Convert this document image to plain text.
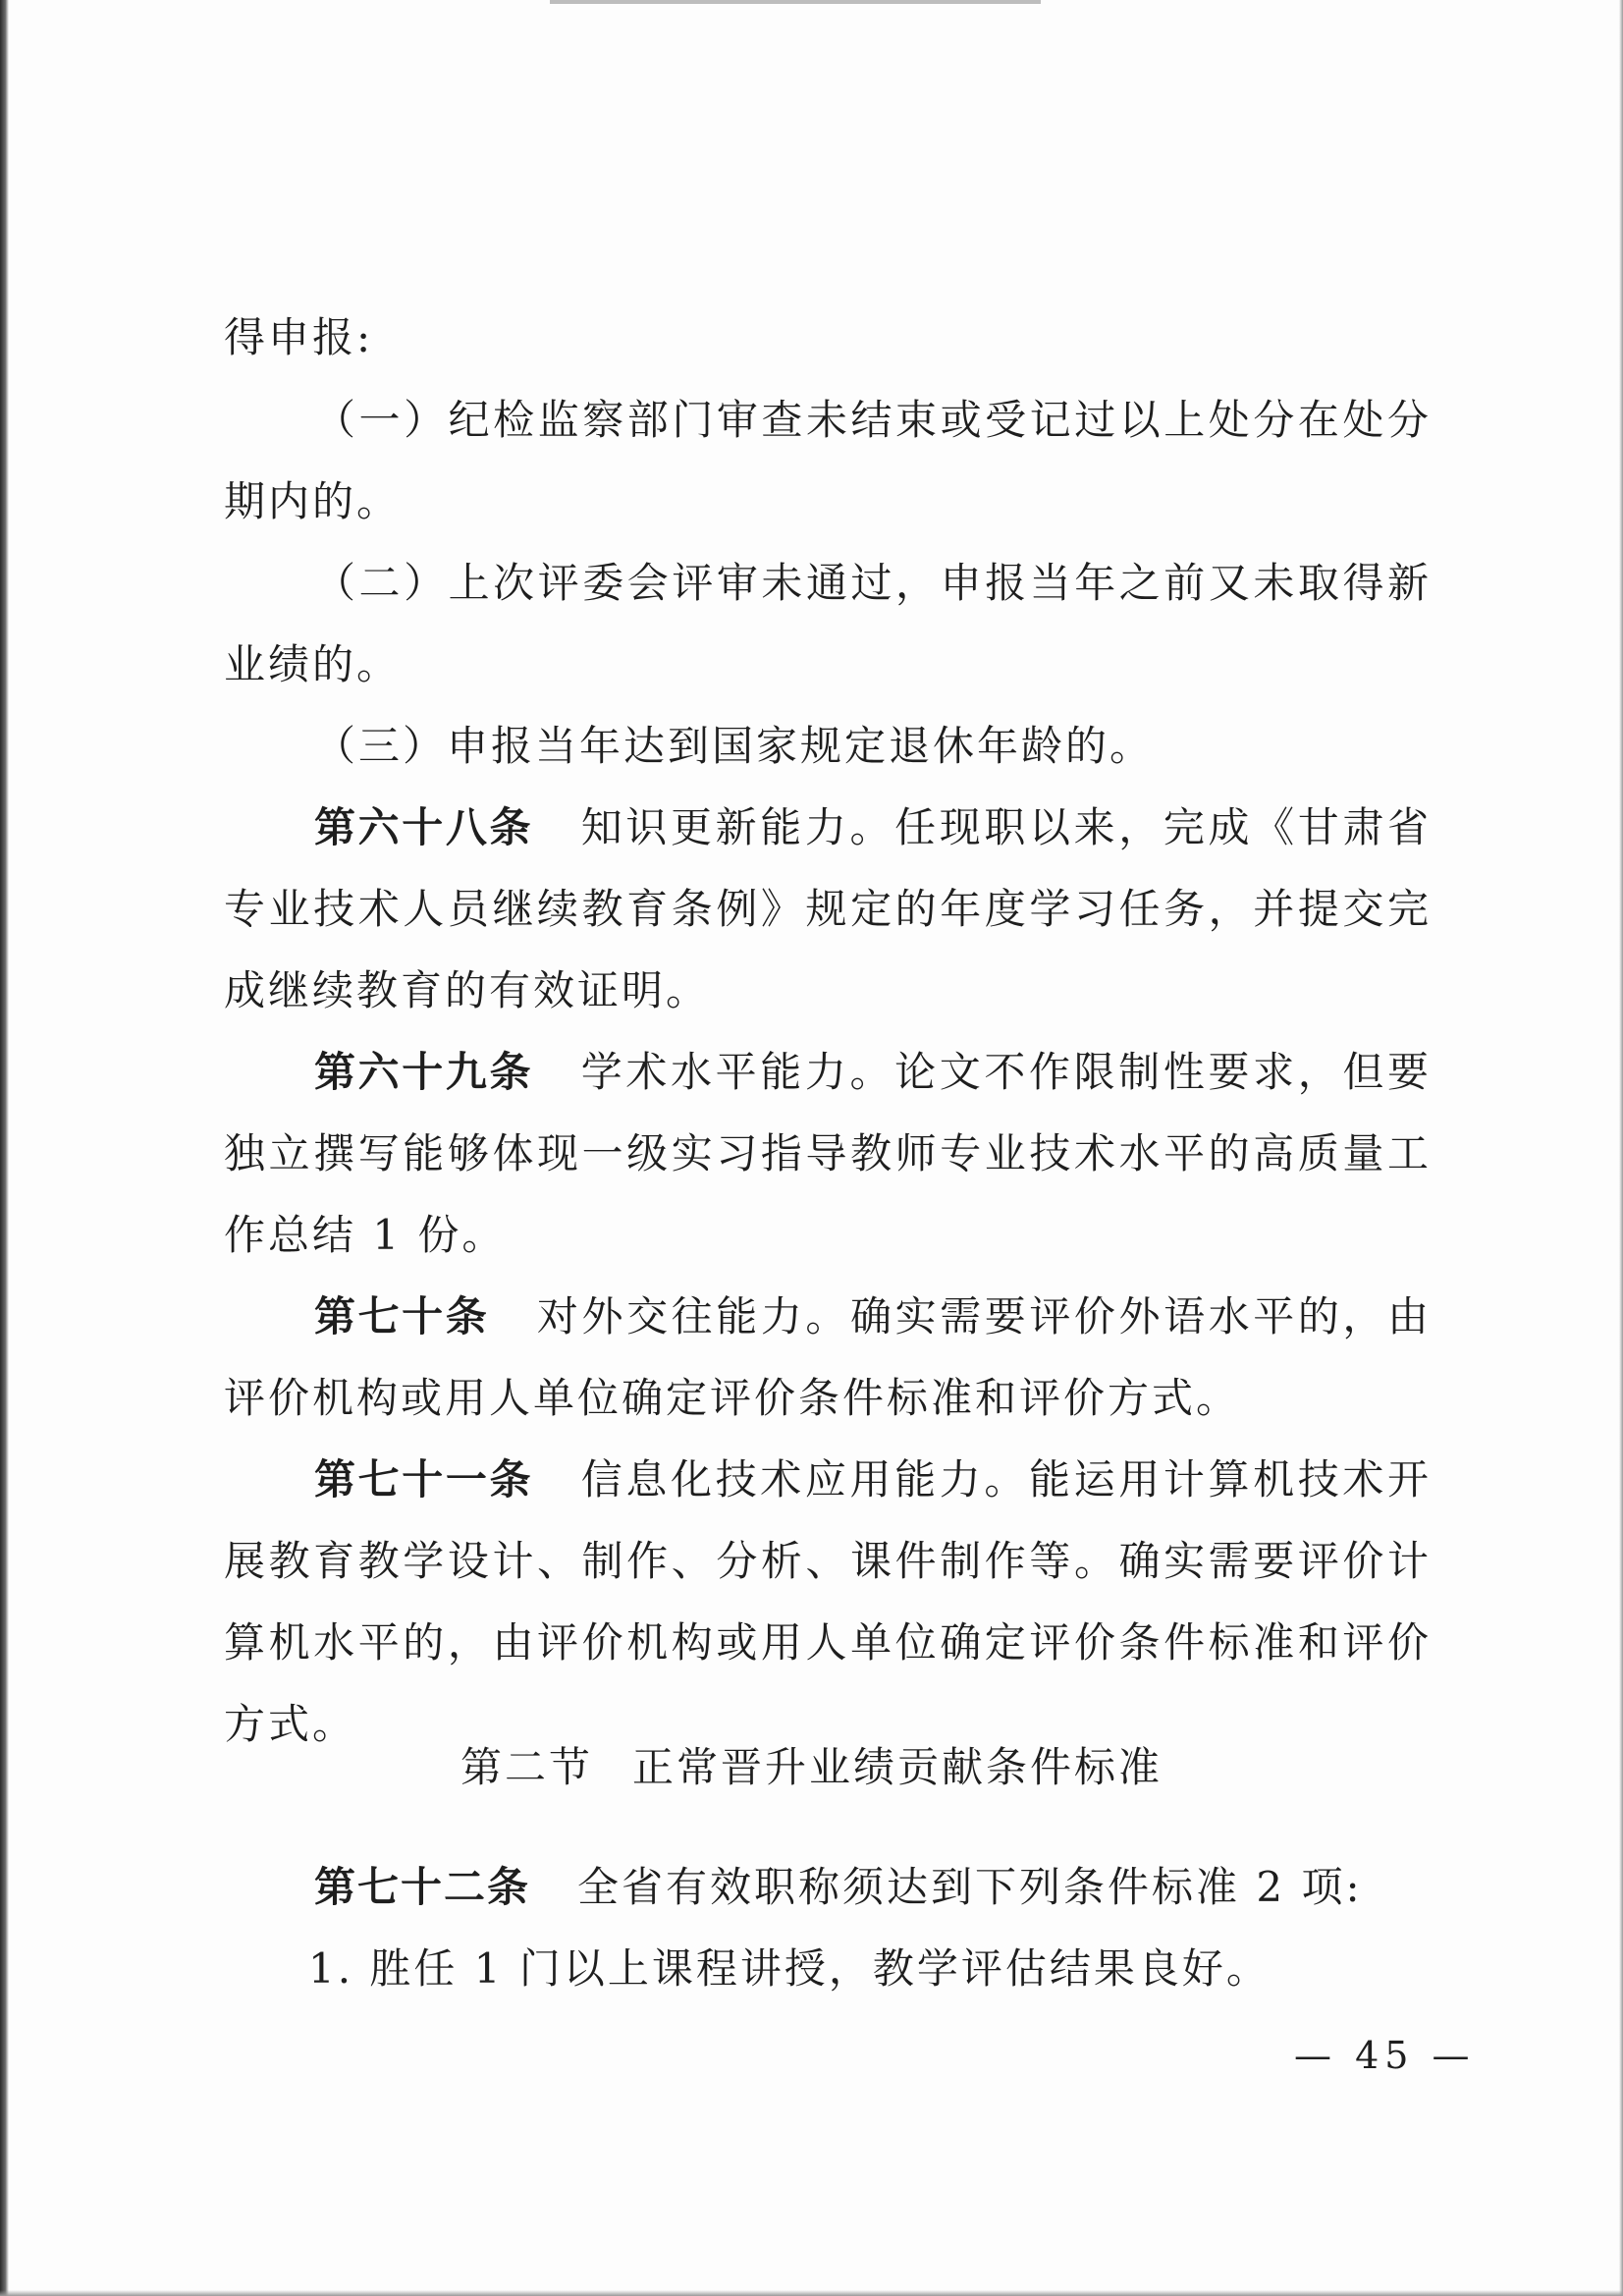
得申报:

（一）纪检监察部门审查未结束或受记过以上处分在处分期内的。

（二）上次评委会评审未通过，申报当年之前又未取得新业绩的。

（三）申报当年达到国家规定退休年龄的。

第六十八条 知识更新能力。任现职以来，完成《甘肃省专业技术人员继续教育条例》规定的年度学习任务，并提交完成继续教育的有效证明。

第六十九条 学术水平能力。论文不作限制性要求，但要独立撰写能够体现一级实习指导教师专业技术水平的高质量工作总结 1 份。

第七十条 对外交往能力。确实需要评价外语水平的，由评价机构或用人单位确定评价条件标准和评价方式。

第七十一条 信息化技术应用能力。能运用计算机技术开展教育教学设计、制作、分析、课件制作等。确实需要评价计算机水平的，由评价机构或用人单位确定评价条件标准和评价方式。

第二节 正常晋升业绩贡献条件标准

第七十二条 全省有效职称须达到下列条件标准 2 项:

1. 胜任 1 门以上课程讲授，教学评估结果良好。

— 45 —
